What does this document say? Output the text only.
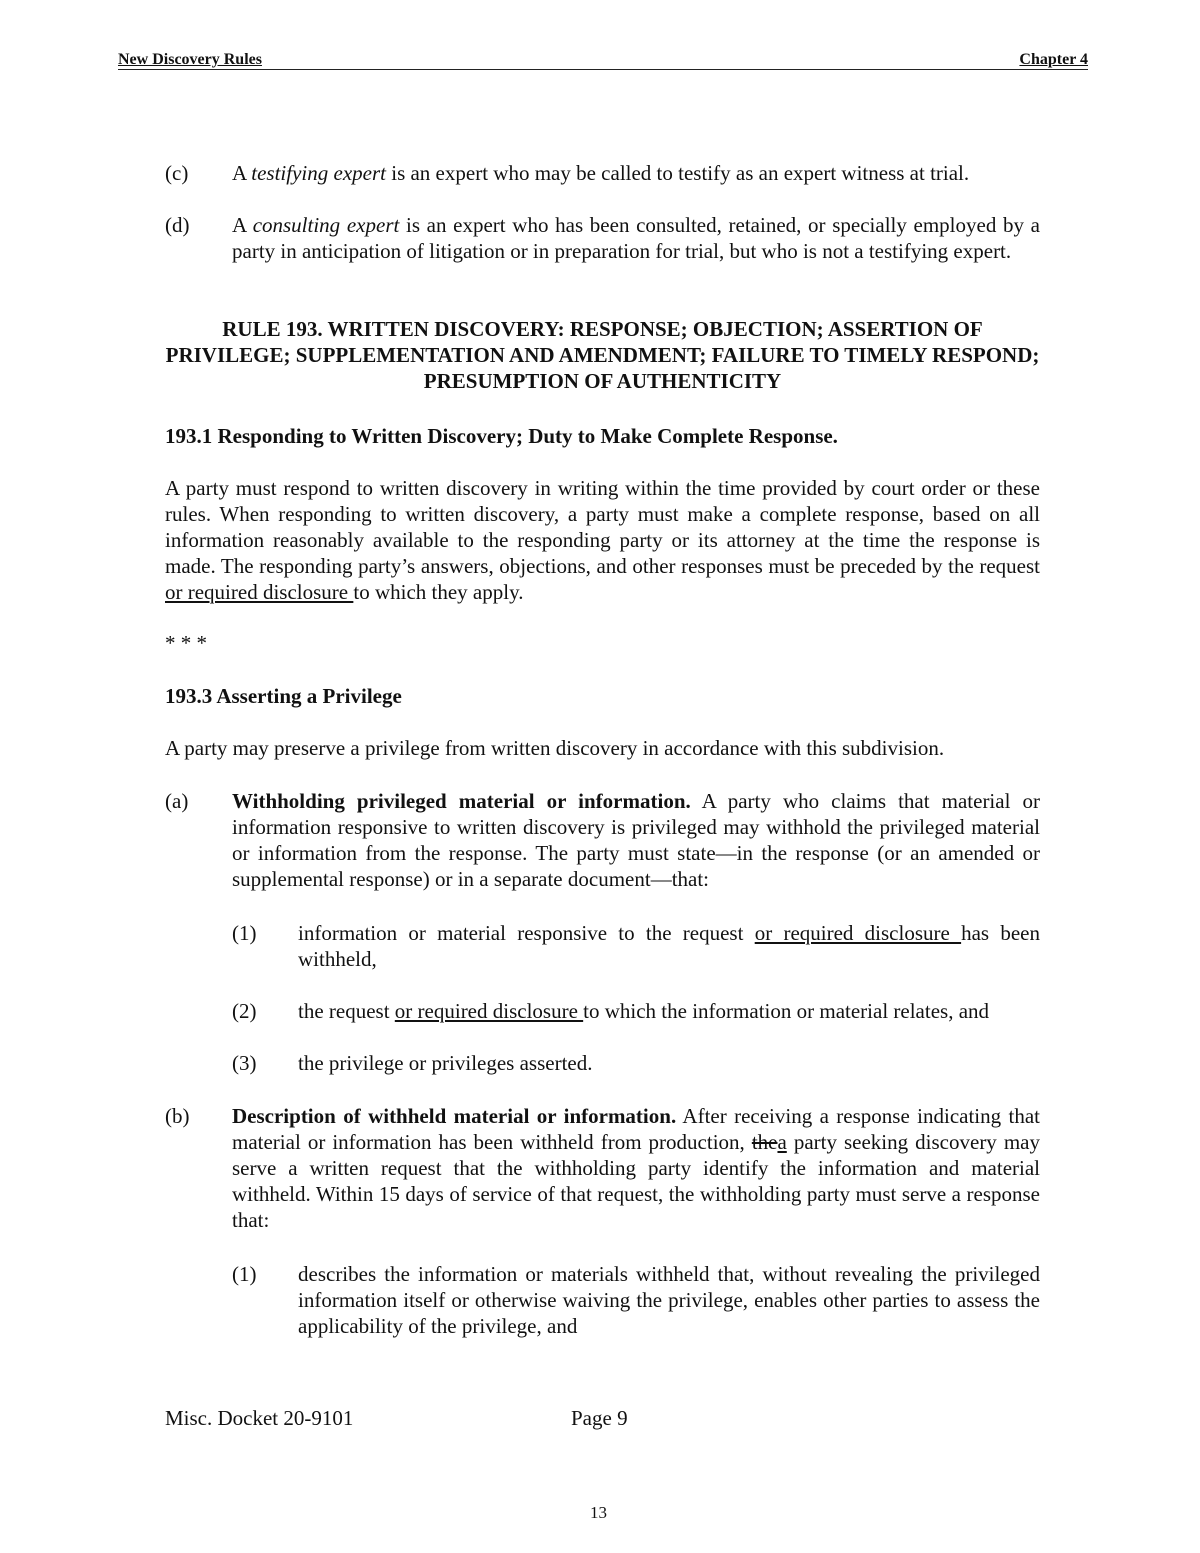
New Discovery Rules	Chapter 4
(c) A testifying expert is an expert who may be called to testify as an expert witness at trial.
(d) A consulting expert is an expert who has been consulted, retained, or specially employed by a party in anticipation of litigation or in preparation for trial, but who is not a testifying expert.
RULE 193. WRITTEN DISCOVERY: RESPONSE; OBJECTION; ASSERTION OF PRIVILEGE; SUPPLEMENTATION AND AMENDMENT; FAILURE TO TIMELY RESPOND; PRESUMPTION OF AUTHENTICITY
193.1 Responding to Written Discovery; Duty to Make Complete Response.
A party must respond to written discovery in writing within the time provided by court order or these rules. When responding to written discovery, a party must make a complete response, based on all information reasonably available to the responding party or its attorney at the time the response is made. The responding party’s answers, objections, and other responses must be preceded by the request or required disclosure to which they apply.
* * *
193.3 Asserting a Privilege
A party may preserve a privilege from written discovery in accordance with this subdivision.
(a) Withholding privileged material or information. A party who claims that material or information responsive to written discovery is privileged may withhold the privileged material or information from the response. The party must state—in the response (or an amended or supplemental response) or in a separate document—that:
(1) information or material responsive to the request or required disclosure has been withheld,
(2) the request or required disclosure to which the information or material relates, and
(3) the privilege or privileges asserted.
(b) Description of withheld material or information. After receiving a response indicating that material or information has been withheld from production, thea party seeking discovery may serve a written request that the withholding party identify the information and material withheld. Within 15 days of service of that request, the withholding party must serve a response that:
(1) describes the information or materials withheld that, without revealing the privileged information itself or otherwise waiving the privilege, enables other parties to assess the applicability of the privilege, and
Misc. Docket 20-9101	Page 9
13
